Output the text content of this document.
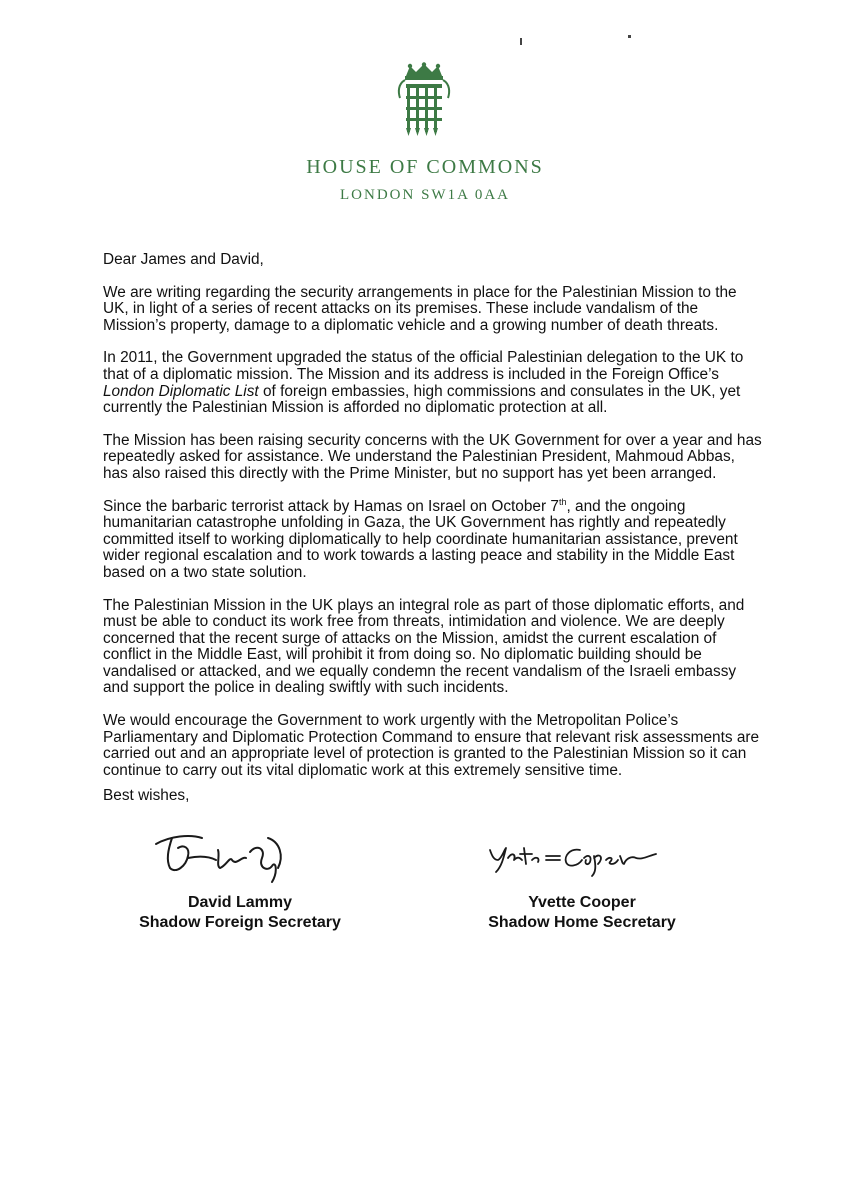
HOUSE OF COMMONS
LONDON SW1A 0AA

Dear James and David,

We are writing regarding the security arrangements in place for the Palestinian Mission to the UK, in light of a series of recent attacks on its premises. These include vandalism of the Mission’s property, damage to a diplomatic vehicle and a growing number of death threats.

In 2011, the Government upgraded the status of the official Palestinian delegation to the UK to that of a diplomatic mission. The Mission and its address is included in the Foreign Office’s London Diplomatic List of foreign embassies, high commissions and consulates in the UK, yet currently the Palestinian Mission is afforded no diplomatic protection at all.

The Mission has been raising security concerns with the UK Government for over a year and has repeatedly asked for assistance. We understand the Palestinian President, Mahmoud Abbas, has also raised this directly with the Prime Minister, but no support has yet been arranged.

Since the barbaric terrorist attack by Hamas on Israel on October 7th, and the ongoing humanitarian catastrophe unfolding in Gaza, the UK Government has rightly and repeatedly committed itself to working diplomatically to help coordinate humanitarian assistance, prevent wider regional escalation and to work towards a lasting peace and stability in the Middle East based on a two state solution.

The Palestinian Mission in the UK plays an integral role as part of those diplomatic efforts, and must be able to conduct its work free from threats, intimidation and violence. We are deeply concerned that the recent surge of attacks on the Mission, amidst the current escalation of conflict in the Middle East, will prohibit it from doing so. No diplomatic building should be vandalised or attacked, and we equally condemn the recent vandalism of the Israeli embassy and support the police in dealing swiftly with such incidents.

We would encourage the Government to work urgently with the Metropolitan Police’s Parliamentary and Diplomatic Protection Command to ensure that relevant risk assessments are carried out and an appropriate level of protection is granted to the Palestinian Mission so it can continue to carry out its vital diplomatic work at this extremely sensitive time.

Best wishes,
David Lammy
Shadow Foreign Secretary
Yvette Cooper
Shadow Home Secretary
